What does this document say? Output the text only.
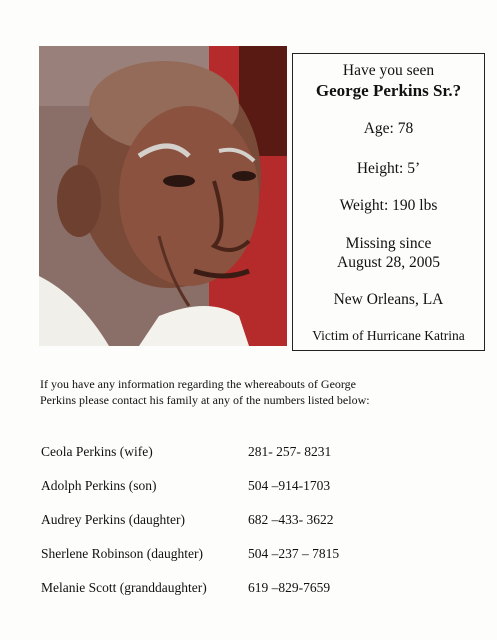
Have you seen
George Perkins Sr.?
Age: 78
Height: 5’
Weight: 190 lbs
Missing since
August 28, 2005
New Orleans, LA
Victim of Hurricane Katrina
If you have any information regarding the whereabouts of George Perkins please contact his family at any of the numbers listed below:
Ceola Perkins (wife)	281- 257- 8231
Adolph Perkins (son)	504 –914-1703
Audrey Perkins (daughter)	682 –433- 3622
Sherlene Robinson (daughter)	504 –237 – 7815
Melanie Scott (granddaughter)	619 –829-7659
